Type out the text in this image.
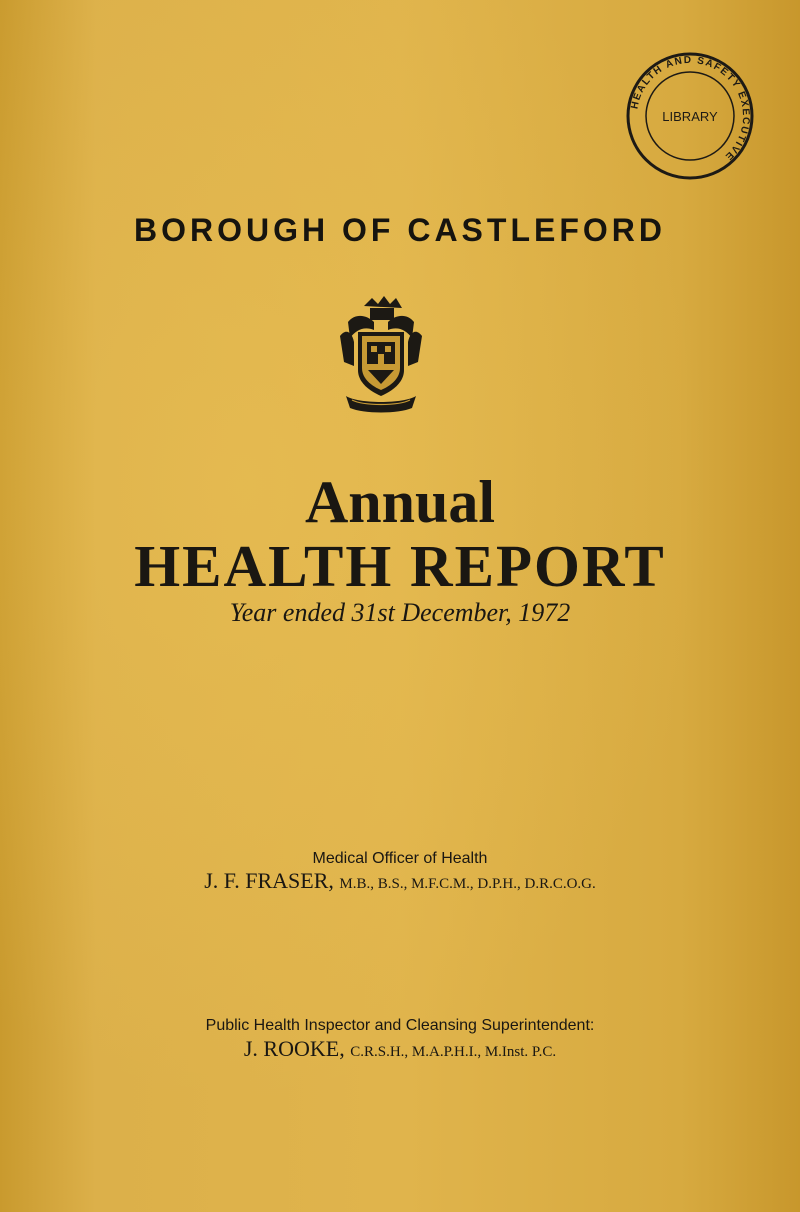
HEALTH AND SAFETY EXECUTIVE
LIBRARY
BOROUGH OF CASTLEFORD
Annual
HEALTH REPORT

Year ended 31st December, 1972

Medical Officer of Health

J. F. FRASER, M.B., B.S., M.F.C.M., D.P.H., D.R.C.O.G.

Public Health Inspector and Cleansing Superintendent:

J. ROOKE, C.R.S.H., M.A.P.H.I., M.Inst. P.C.
